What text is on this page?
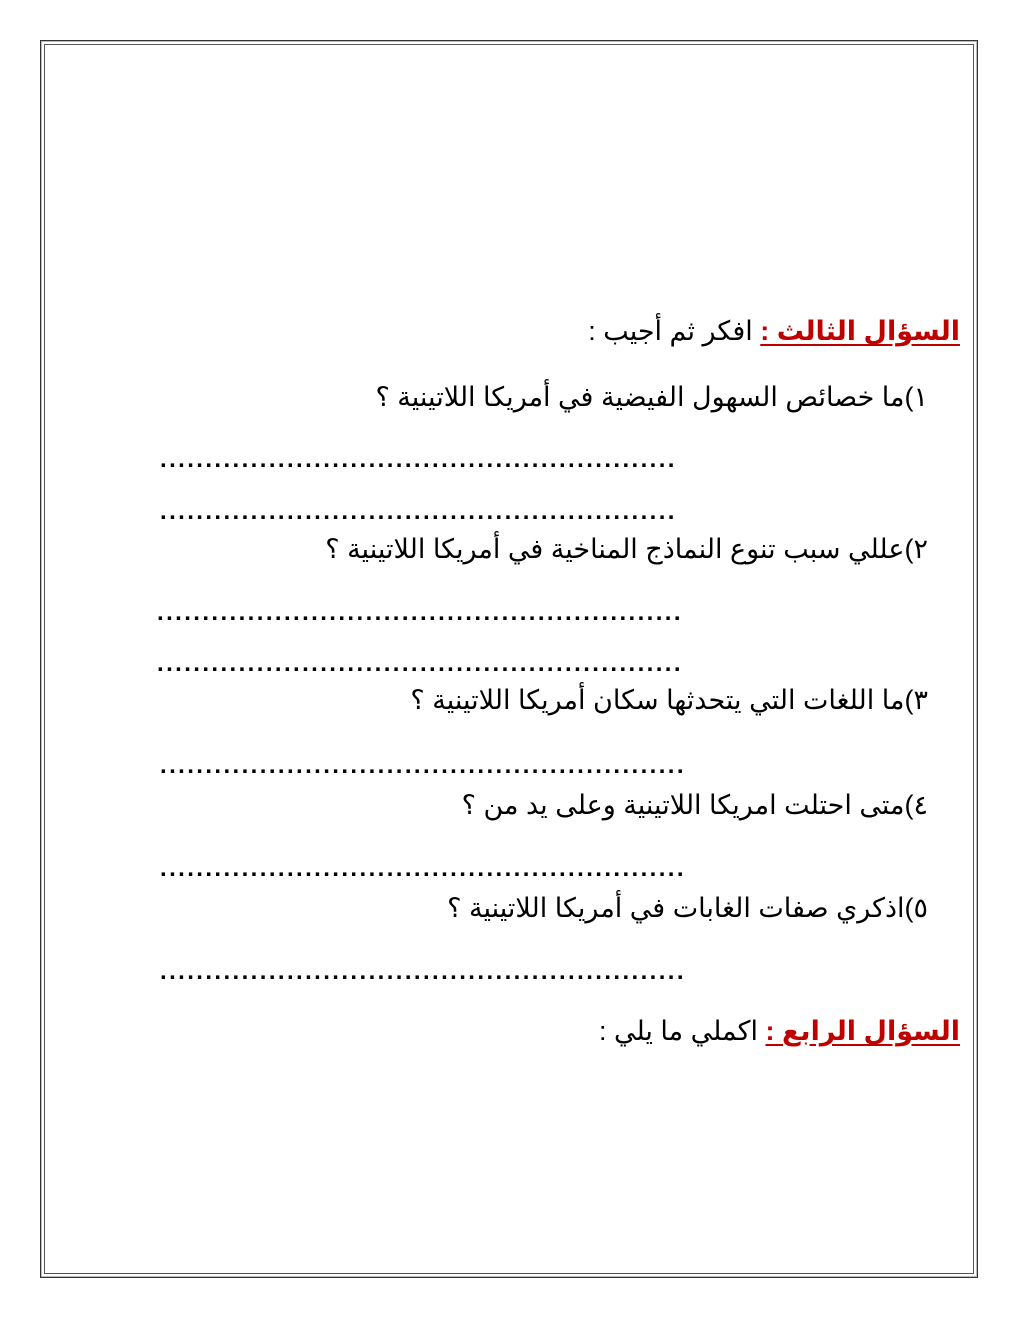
السؤال الثالث : افكر ثم أجيب :
١)ما خصائص السهول الفيضية في أمريكا اللاتينية ؟
.........................................................
.........................................................
٢)عللي سبب تنوع النماذج المناخية في أمريكا اللاتينية ؟
..........................................................
..........................................................
٣)ما اللغات التي يتحدثها سكان أمريكا اللاتينية ؟
..........................................................
٤)متى احتلت امريكا اللاتينية وعلى يد من ؟
..........................................................
٥)اذكري صفات الغابات في أمريكا اللاتينية ؟
..........................................................
السؤال الرابع : اكملي ما يلي :
